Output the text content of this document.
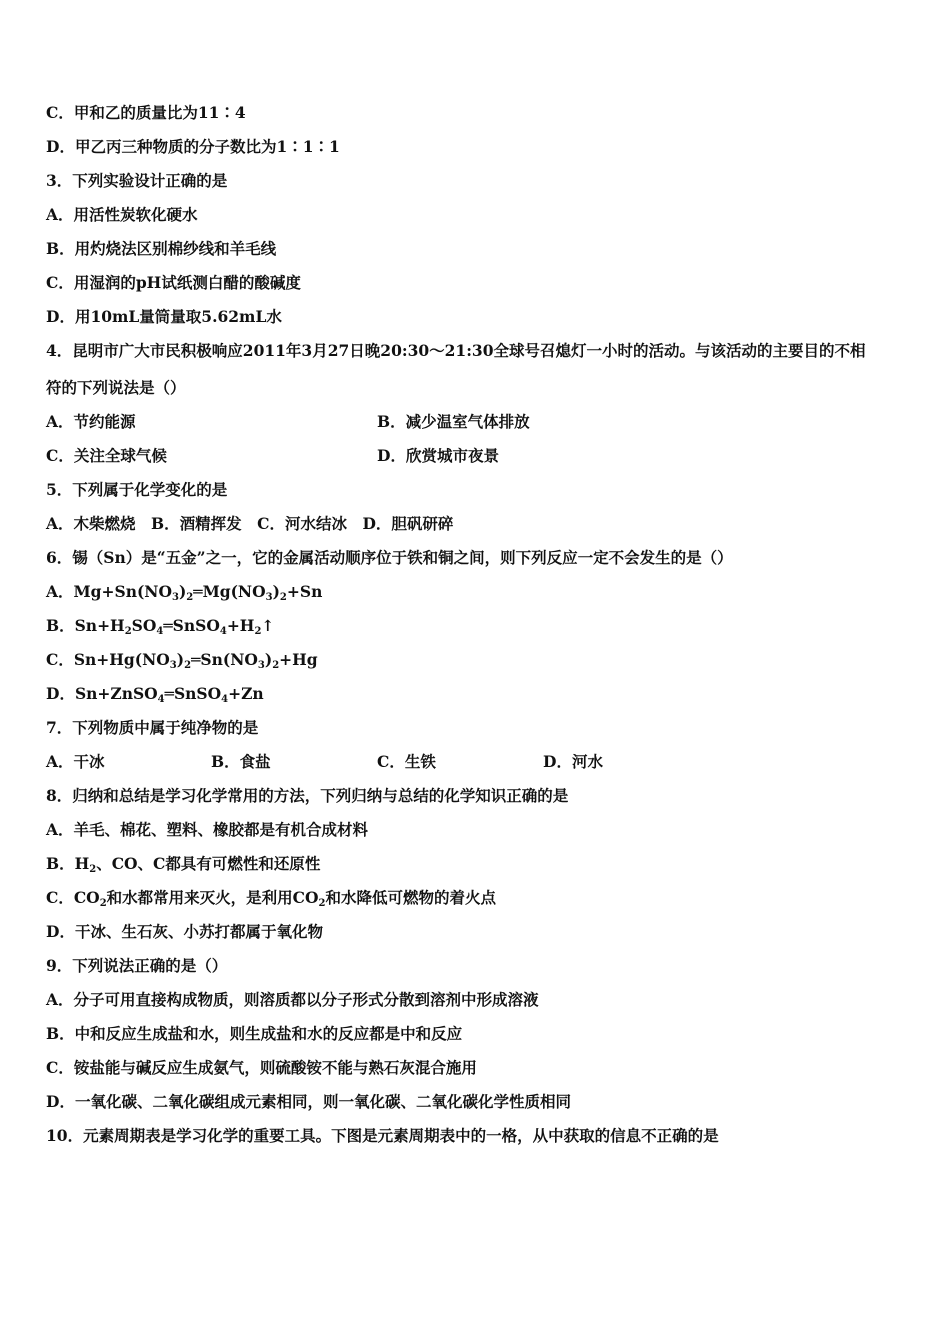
C．甲和乙的质量比为11∶4
D．甲乙丙三种物质的分子数比为1∶1∶1
3．下列实验设计正确的是
A．用活性炭软化硬水
B．用灼烧法区别棉纱线和羊毛线
C．用湿润的pH试纸测白醋的酸碱度
D．用10mL量筒量取5.62mL水
4．昆明市广大市民积极响应2011年3月27日晚20:30～21:30全球号召熄灯一小时的活动。与该活动的主要目的不相
符的下列说法是（）
A．节约能源	B．减少温室气体排放
C．关注全球气候	D．欣赏城市夜景
5．下列属于化学变化的是
A．木柴燃烧　B．酒精挥发　C．河水结冰　D．胆矾研碎
6．锡（Sn）是“五金”之一，它的金属活动顺序位于铁和铜之间，则下列反应一定不会发生的是（）
A．$Mg+Sn(NO_3)_2═Mg(NO_3)_2+Sn$
B．$Sn+H_2SO_4═SnSO_4+H_2↑$
C．$Sn+Hg(NO_3)_2═Sn(NO_3)_2+Hg$
D．Sn+ZnSO$_4$═SnSO$_4$+Zn
7．下列物质中属于纯净物的是
A．干冰	B．食盐	C．生铁	D．河水
8．归纳和总结是学习化学常用的方法，下列归纳与总结的化学知识正确的是
A．羊毛、棉花、塑料、橡胶都是有机合成材料
B．$H_2$、CO、C都具有可燃性和还原性
C．$CO_2$和水都常用来灭火，是利用$CO_2$和水降低可燃物的着火点
D．干冰、生石灰、小苏打都属于氧化物
9．下列说法正确的是（）
A．分子可用直接构成物质，则溶质都以分子形式分散到溶剂中形成溶液
B．中和反应生成盐和水，则生成盐和水的反应都是中和反应
C．铵盐能与碱反应生成氨气，则硫酸铵不能与熟石灰混合施用
D．一氧化碳、二氧化碳组成元素相同，则一氧化碳、二氧化碳化学性质相同
10．元素周期表是学习化学的重要工具。下图是元素周期表中的一格，从中获取的信息不正确的是
